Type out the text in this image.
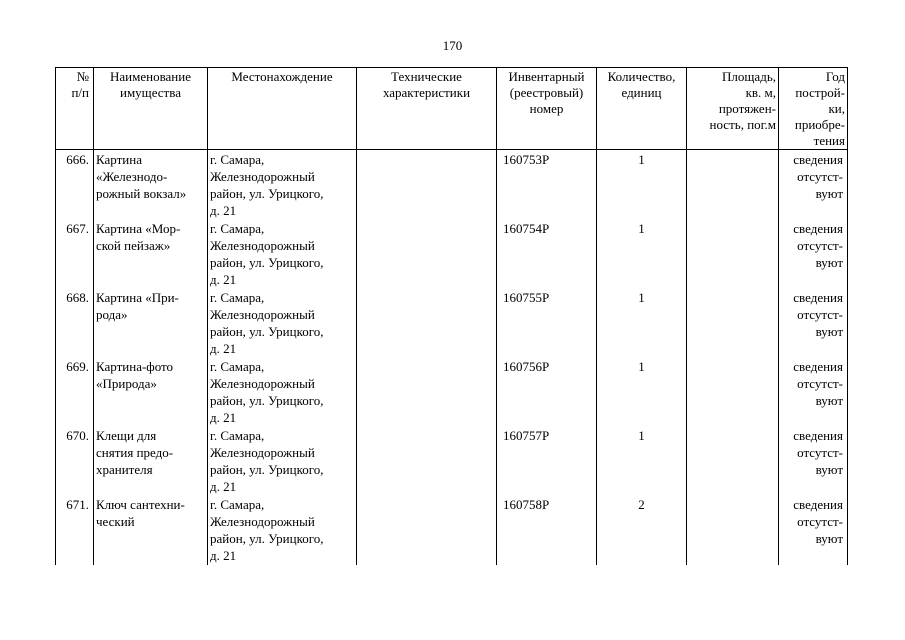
170
№
п/п	Наименование
имущества	Местонахождение	Технические
характеристики	Инвентарный
(реестровый)
номер	Количество,
единиц	Площадь,
кв. м,
протяжен-
ность, пог.м	Год
построй-
ки,
приобре-
тения

666.	Картина
«Железнодо-
рожный вокзал»	г. Самара,
Железнодорожный
район, ул. Урицкого,
д. 21		160753Р	1		сведения
отсутст-
вуют

667.	Картина «Мор-
ской пейзаж»	г. Самара,
Железнодорожный
район, ул. Урицкого,
д. 21		160754Р	1		сведения
отсутст-
вуют

668.	Картина «При-
рода»	г. Самара,
Железнодорожный
район, ул. Урицкого,
д. 21		160755Р	1		сведения
отсутст-
вуют

669.	Картина-фото
«Природа»	г. Самара,
Железнодорожный
район, ул. Урицкого,
д. 21		160756Р	1		сведения
отсутст-
вуют

670.	Клещи для
снятия предо-
хранителя	г. Самара,
Железнодорожный
район, ул. Урицкого,
д. 21		160757Р	1		сведения
отсутст-
вуют

671.	Ключ сантехни-
ческий	г. Самара,
Железнодорожный
район, ул. Урицкого,
д. 21		160758Р	2		сведения
отсутст-
вуют
